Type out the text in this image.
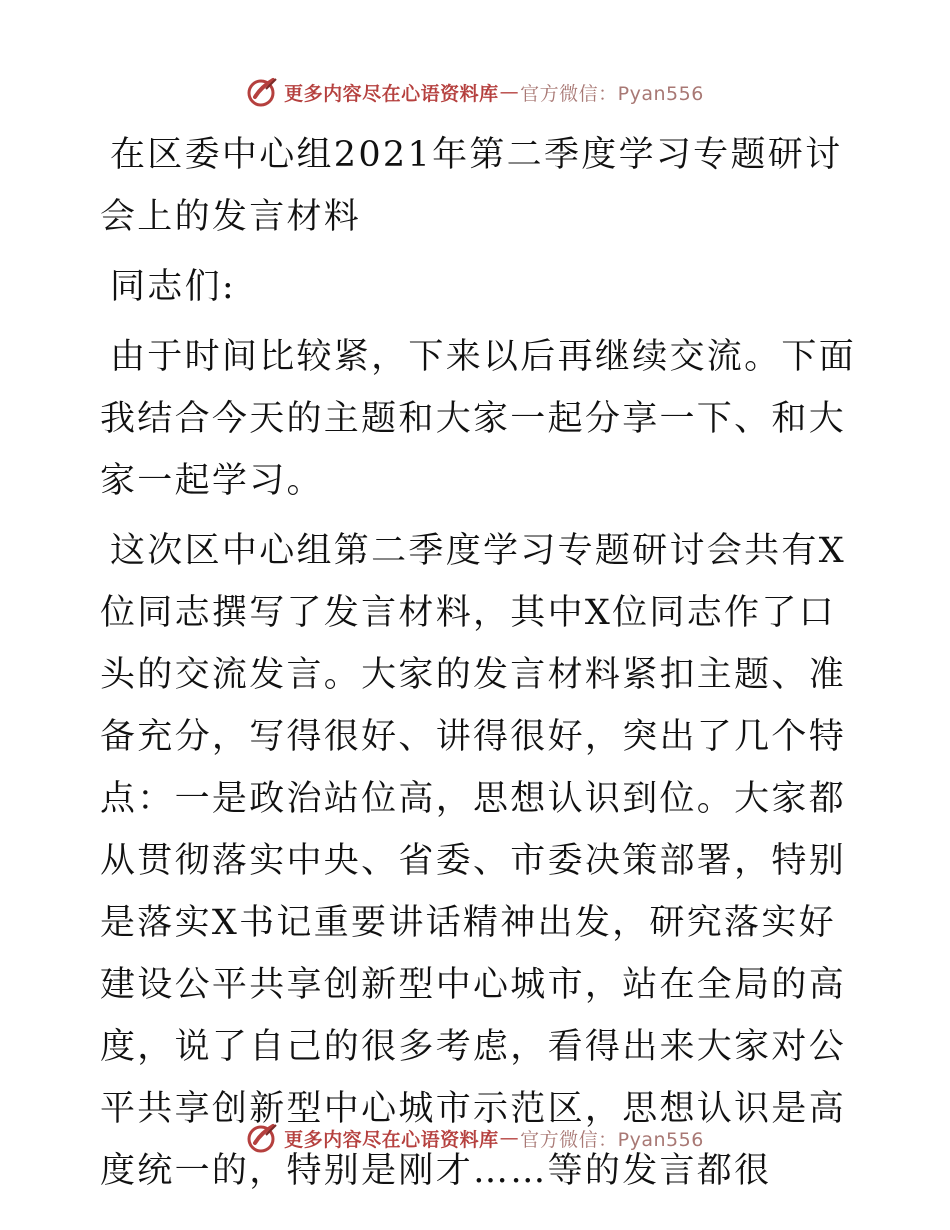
更多内容尽在心语资料库 — 官方微信：Pyan556

在区委中心组2021年第二季度学习专题研讨会上的发言材料

同志们:

由于时间比较紧，下来以后再继续交流。下面我结合今天的主题和大家一起分享一下、和大家一起学习。

这次区中心组第二季度学习专题研讨会共有X位同志撰写了发言材料，其中X位同志作了口头的交流发言。大家的发言材料紧扣主题、准备充分，写得很好、讲得很好，突出了几个特点：一是政治站位高，思想认识到位。大家都从贯彻落实中央、省委、市委决策部署，特别是落实X书记重要讲话精神出发，研究落实好建设公平共享创新型中心城市，站在全局的高度，说了自己的很多考虑，看得出来大家对公平共享创新型中心城市示范区，思想认识是高度统一的，特别是刚才……等的发言都很

更多内容尽在心语资料库 — 官方微信：Pyan556
